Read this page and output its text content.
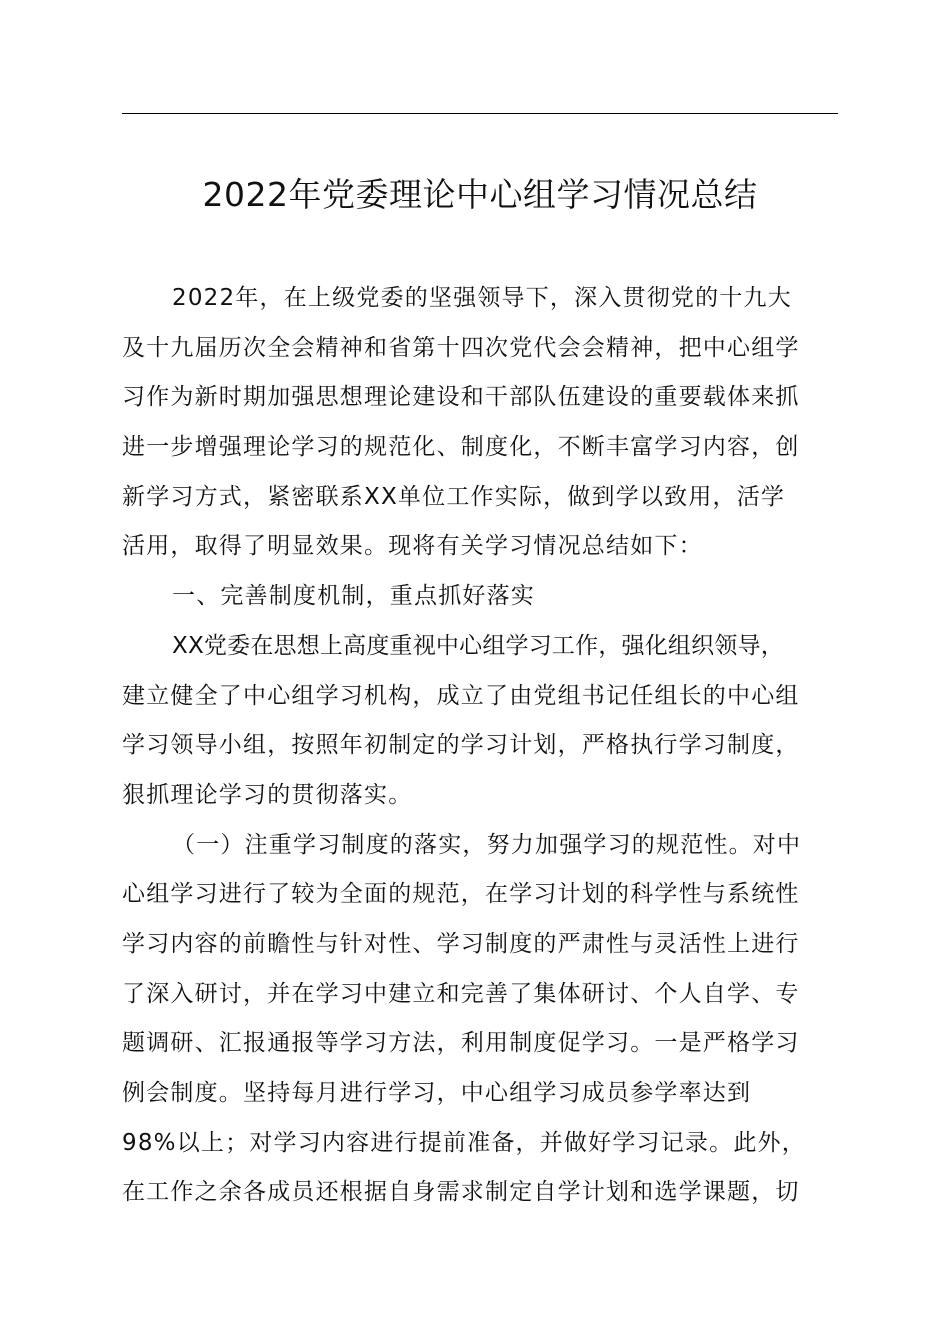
2022年党委理论中心组学习情况总结
2022年，在上级党委的坚强领导下，深入贯彻党的十九大
及十九届历次全会精神和省第十四次党代会会精神，把中心组学
习作为新时期加强思想理论建设和干部队伍建设的重要载体来抓
进一步增强理论学习的规范化、制度化，不断丰富学习内容，创
新学习方式，紧密联系XX单位工作实际，做到学以致用，活学
活用，取得了明显效果。现将有关学习情况总结如下：
一、完善制度机制，重点抓好落实
XX党委在思想上高度重视中心组学习工作，强化组织领导，
建立健全了中心组学习机构，成立了由党组书记任组长的中心组
学习领导小组，按照年初制定的学习计划，严格执行学习制度，
狠抓理论学习的贯彻落实。
（一）注重学习制度的落实，努力加强学习的规范性。对中
心组学习进行了较为全面的规范，在学习计划的科学性与系统性
学习内容的前瞻性与针对性、学习制度的严肃性与灵活性上进行
了深入研讨，并在学习中建立和完善了集体研讨、个人自学、专
题调研、汇报通报等学习方法，利用制度促学习。一是严格学习
例会制度。坚持每月进行学习，中心组学习成员参学率达到
98%以上；对学习内容进行提前准备，并做好学习记录。此外，
在工作之余各成员还根据自身需求制定自学计划和选学课题，切
